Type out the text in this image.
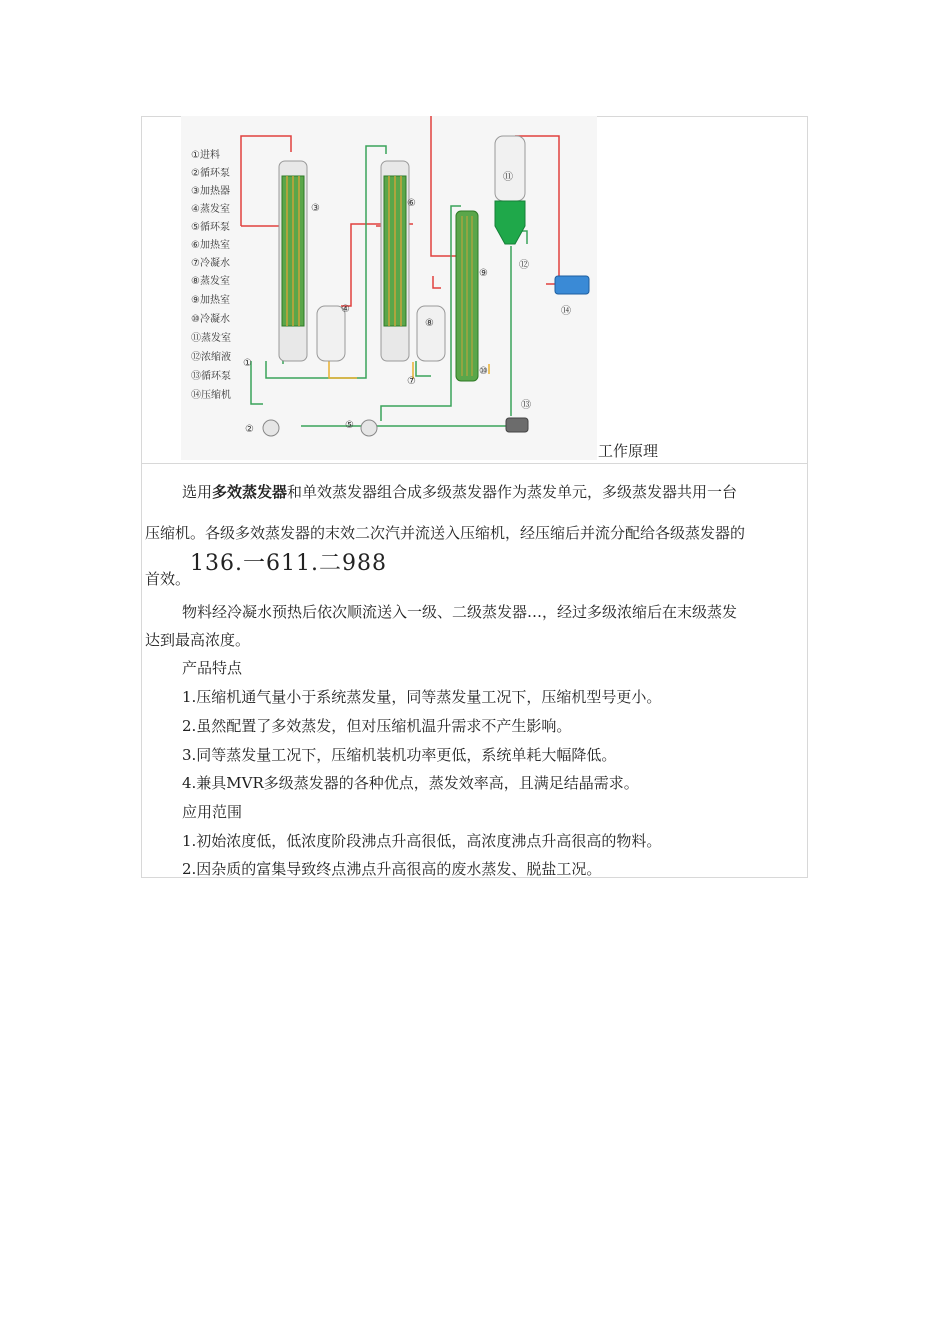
①进料
②循环泵
③加热器
④蒸发室
⑤循环泵
⑥加热室
⑦冷凝水
⑧蒸发室
⑨加热室
⑩冷凝水
⑪蒸发室
⑫浓缩液
⑬循环泵
⑭压缩机
③
④
⑥
⑧
⑨
⑩
⑪
⑫
⑬
⑭
①
②	⑤
⑦
工作原理
选用多效蒸发器和单效蒸发器组合成多级蒸发器作为蒸发单元，多级蒸发器共用一台
压缩机。各级多效蒸发器的末效二次汽并流送入压缩机，经压缩后并流分配给各级蒸发器的
首效。136.一611.二988
物料经冷凝水预热后依次顺流送入一级、二级蒸发器…，经过多级浓缩后在末级蒸发
达到最高浓度。
产品特点
1.压缩机通气量小于系统蒸发量，同等蒸发量工况下，压缩机型号更小。
2.虽然配置了多效蒸发，但对压缩机温升需求不产生影响。
3.同等蒸发量工况下，压缩机装机功率更低，系统单耗大幅降低。
4.兼具MVR多级蒸发器的各种优点，蒸发效率高，且满足结晶需求。
应用范围
1.初始浓度低，低浓度阶段沸点升高很低，高浓度沸点升高很高的物料。
2.因杂质的富集导致终点沸点升高很高的废水蒸发、脱盐工况。
